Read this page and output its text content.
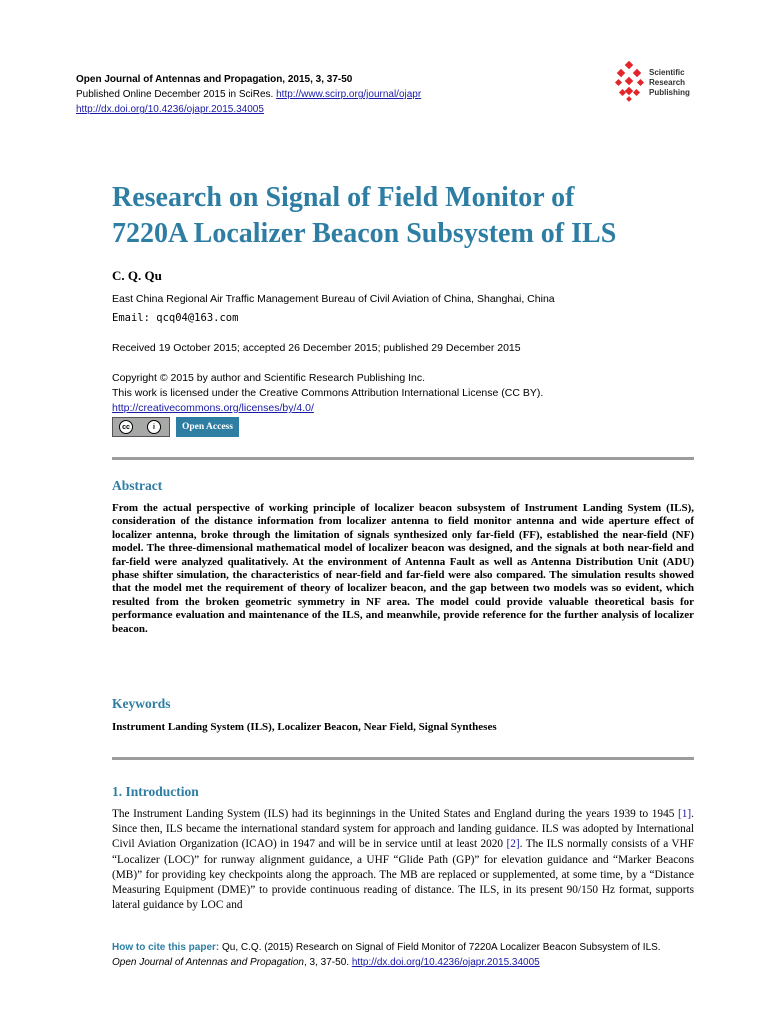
Open Journal of Antennas and Propagation, 2015, 3, 37-50
Published Online December 2015 in SciRes. http://www.scirp.org/journal/ojapr
http://dx.doi.org/10.4236/ojapr.2015.34005
Scientific
Research
Publishing
Research on Signal of Field Monitor of
7220A Localizer Beacon Subsystem of ILS
C. Q. Qu
East China Regional Air Traffic Management Bureau of Civil Aviation of China, Shanghai, China
Email: qcq04@163.com
Received 19 October 2015; accepted 26 December 2015; published 29 December 2015
Copyright © 2015 by author and Scientific Research Publishing Inc.
This work is licensed under the Creative Commons Attribution International License (CC BY).
http://creativecommons.org/licenses/by/4.0/
cc	i	Open Access
Abstract
From the actual perspective of working principle of localizer beacon subsystem of Instrument Landing System (ILS), consideration of the distance information from localizer antenna to field monitor antenna and wide aperture effect of localizer antenna, broke through the limitation of signals synthesized only far-field (FF), established the near-field (NF) model. The three-dimensional mathematical model of localizer beacon was designed, and the signals at both near-field and far-field were analyzed qualitatively. At the environment of Antenna Fault as well as Antenna Distribution Unit (ADU) phase shifter simulation, the characteristics of near-field and far-field were also compared. The simulation results showed that the model met the requirement of theory of localizer beacon, and the gap between two models was so evident, which resulted from the broken geometric symmetry in NF area. The model could provide valuable theoretical basis for performance evaluation and maintenance of the ILS, and meanwhile, provide reference for the further analysis of localizer beacon.
Keywords
Instrument Landing System (ILS), Localizer Beacon, Near Field, Signal Syntheses
1. Introduction
The Instrument Landing System (ILS) had its beginnings in the United States and England during the years 1939 to 1945 [1]. Since then, ILS became the international standard system for approach and landing guidance. ILS was adopted by International Civil Aviation Organization (ICAO) in 1947 and will be in service until at least 2020 [2]. The ILS normally consists of a VHF “Localizer (LOC)” for runway alignment guidance, a UHF “Glide Path (GP)” for elevation guidance and “Marker Beacons (MB)” for providing key checkpoints along the approach. The MB are replaced or supplemented, at some time, by a “Distance Measuring Equipment (DME)” to provide continuous reading of distance. The ILS, in its present 90/150 Hz format, supports lateral guidance by LOC and
How to cite this paper: Qu, C.Q. (2015) Research on Signal of Field Monitor of 7220A Localizer Beacon Subsystem of ILS.
Open Journal of Antennas and Propagation, 3, 37-50. http://dx.doi.org/10.4236/ojapr.2015.34005
